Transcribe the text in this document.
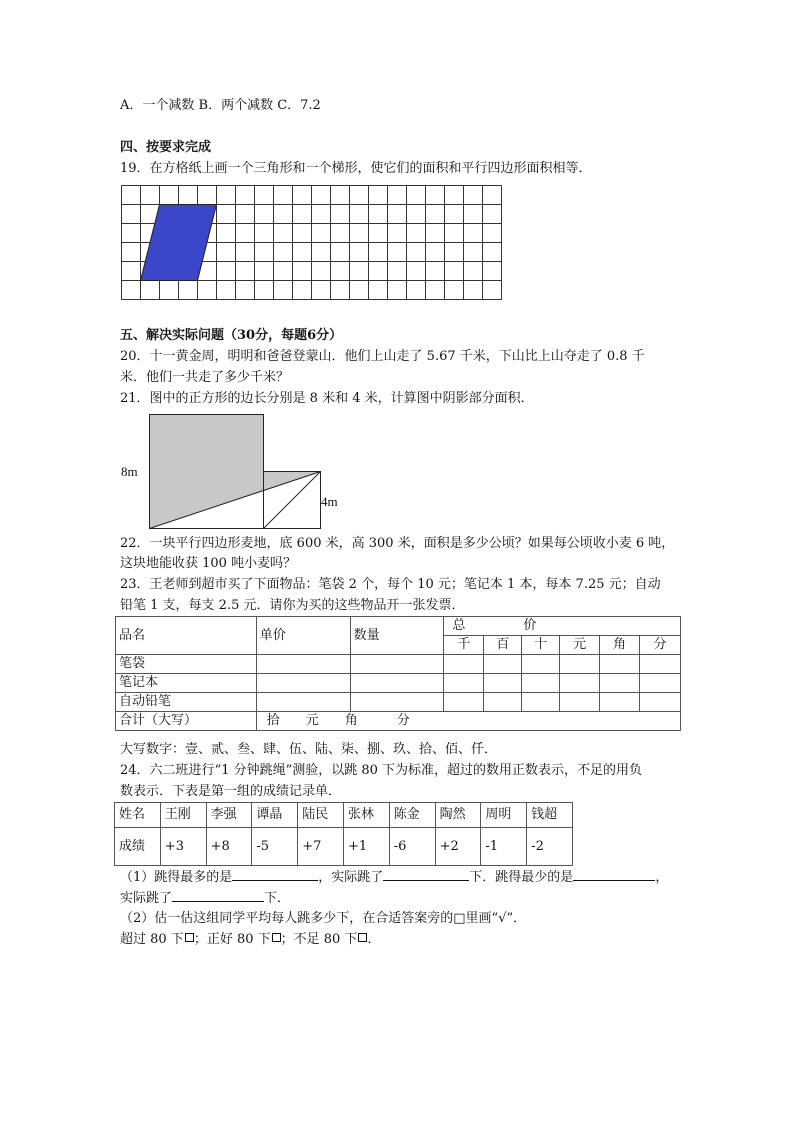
A．一个减数 B．两个减数 C．7.2
四、按要求完成
19．在方格纸上画一个三角形和一个梯形，使它们的面积和平行四边形面积相等．
五、解决实际问题（30分，每题6分）
20．十一黄金周，明明和爸爸登蒙山．他们上山走了 5.67 千米，下山比上山夺走了 0.8 千
米．他们一共走了多少千米？
21．图中的正方形的边长分别是 8 米和 4 米，计算图中阴影部分面积．
8m
4m
22．一块平行四边形麦地，底 600 米，高 300 米，面积是多少公顷？如果每公顷收小麦 6 吨，
这块地能收获 100 吨小麦吗？
23．王老师到超市买了下面物品：笔袋 2 个，每个 10 元；笔记本 1 本，每本 7.25 元；自动
铅笔 1 支，每支 2.5 元．请你为买的这些物品开一张发票．
品名	单价	数量	总 价					
			千	百	十	元	角	分
笔袋								
笔记本								
自动铅笔								
合计（大写）	拾　　元　　角　　　分							
大写数字：壹、贰、叁、肆、伍、陆、柒、捌、玖、拾、佰、仟．
24．六二班进行“1 分钟跳绳”测验，以跳 80 下为标准，超过的数用正数表示，不足的用负
数表示．下表是第一组的成绩记录单．
姓名	王刚	李强	谭晶	陆民	张林	陈金	陶然	周明	钱超
成绩	+3	+8	-5	+7	+1	-6	+2	-1	-2
（1）跳得最多的是	，实际跳了	下．跳得最少的是	，
实际跳了	下．
（2）估一估这组同学平均每人跳多少下，在合适答案旁的□里画“√”．
超过 80 下 ；正好 80 下 ；不足 80 下 ．
